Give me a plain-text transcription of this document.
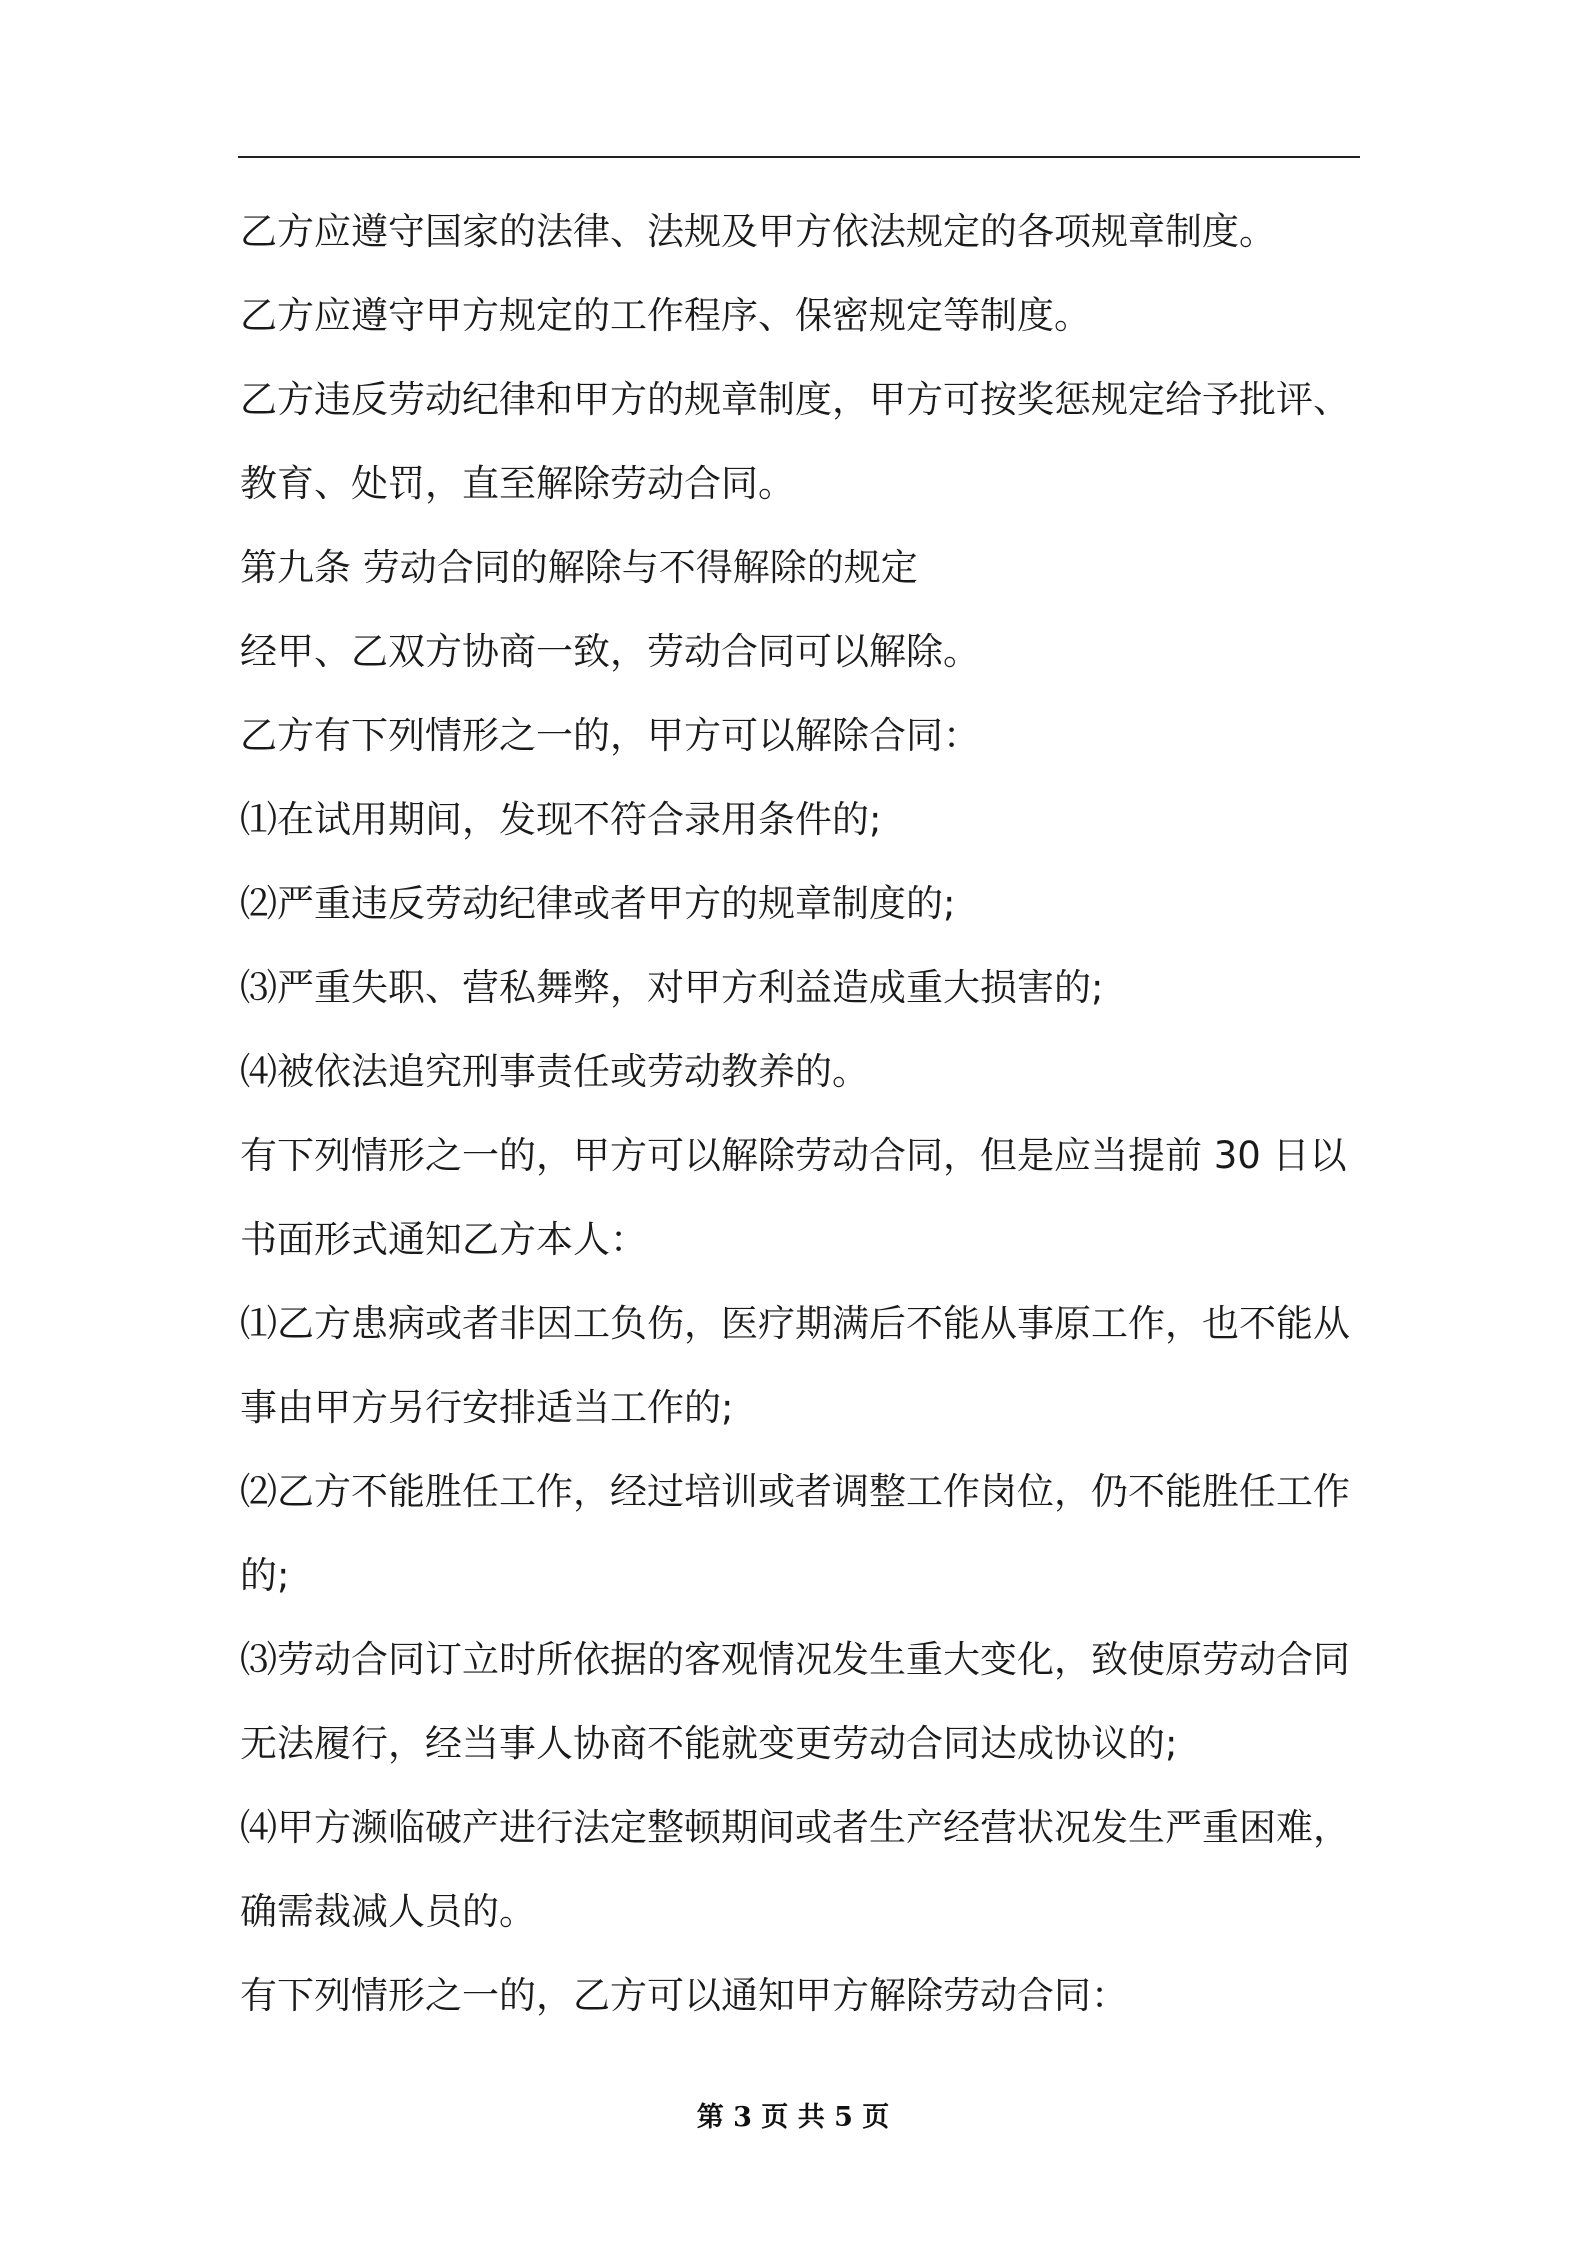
乙方应遵守国家的法律、法规及甲方依法规定的各项规章制度。
乙方应遵守甲方规定的工作程序、保密规定等制度。
乙方违反劳动纪律和甲方的规章制度，甲方可按奖惩规定给予批评、
教育、处罚，直至解除劳动合同。
第九条 劳动合同的解除与不得解除的规定
经甲、乙双方协商一致，劳动合同可以解除。
乙方有下列情形之一的，甲方可以解除合同：
⑴在试用期间，发现不符合录用条件的;
⑵严重违反劳动纪律或者甲方的规章制度的;
⑶严重失职、营私舞弊，对甲方利益造成重大损害的;
⑷被依法追究刑事责任或劳动教养的。
有下列情形之一的，甲方可以解除劳动合同，但是应当提前 30 日以
书面形式通知乙方本人：
⑴乙方患病或者非因工负伤，医疗期满后不能从事原工作，也不能从
事由甲方另行安排适当工作的;
⑵乙方不能胜任工作，经过培训或者调整工作岗位，仍不能胜任工作
的;
⑶劳动合同订立时所依据的客观情况发生重大变化，致使原劳动合同
无法履行，经当事人协商不能就变更劳动合同达成协议的;
⑷甲方濒临破产进行法定整顿期间或者生产经营状况发生严重困难，
确需裁减人员的。
有下列情形之一的，乙方可以通知甲方解除劳动合同：
第 3 页 共 5 页
